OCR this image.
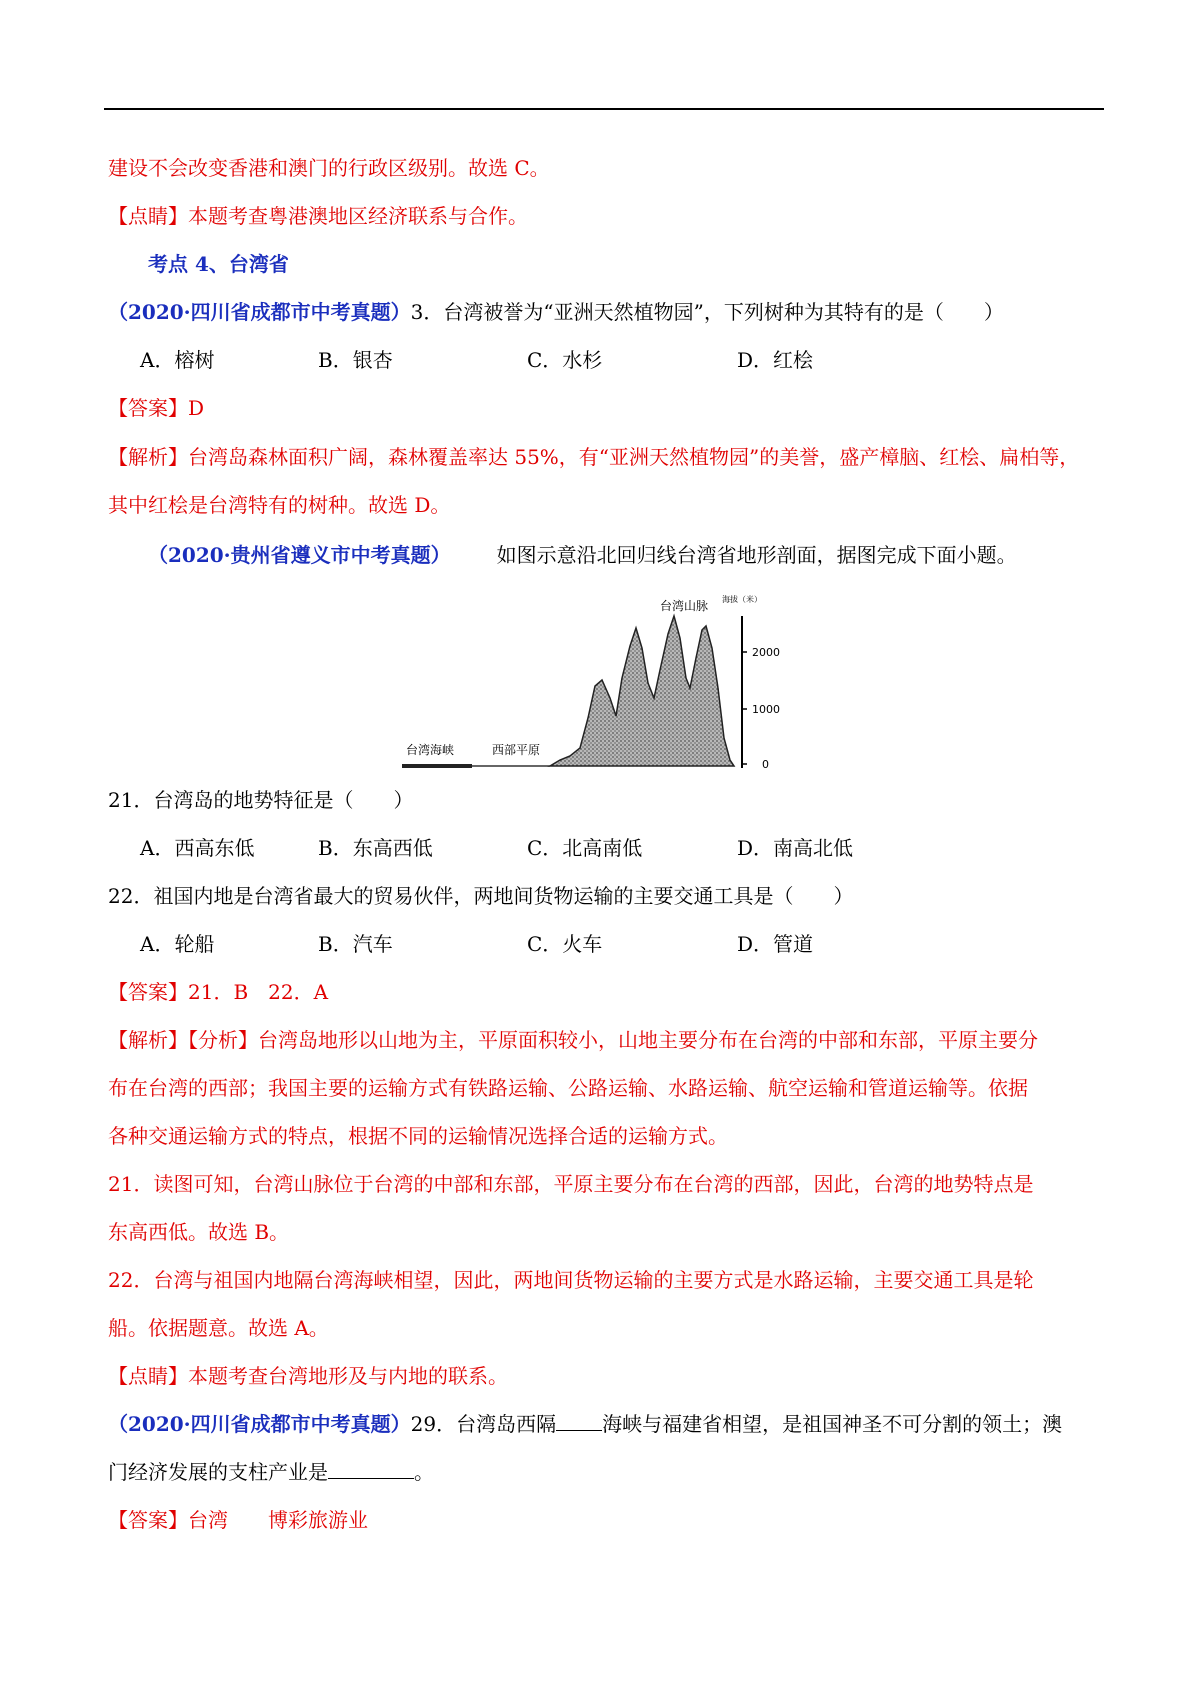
建设不会改变香港和澳门的行政区级别。故选 C。
【点睛】本题考查粤港澳地区经济联系与合作。
考点 4、台湾省
（2020·四川省成都市中考真题）3．台湾被誉为“亚洲天然植物园”，下列树种为其特有的是（　　）
A．榕树	B．银杏	C．水杉	D．红桧
【答案】D
【解析】台湾岛森林面积广阔，森林覆盖率达 55%，有“亚洲天然植物园”的美誉，盛产樟脑、红桧、扁柏等，
其中红桧是台湾特有的树种。故选 D。
（2020·贵州省遵义市中考真题） 如图示意沿北回归线台湾省地形剖面，据图完成下面小题。
2000
1000
0
台湾山脉 海拔（米）
台湾海峡	西部平原
21．台湾岛的地势特征是（　　）
A．西高东低	B．东高西低	C．北高南低	D．南高北低
22．祖国内地是台湾省最大的贸易伙伴，两地间货物运输的主要交通工具是（　　）
A．轮船	B．汽车	C．火车	D．管道
【答案】21．B　22．A
【解析】【分析】台湾岛地形以山地为主，平原面积较小，山地主要分布在台湾的中部和东部，平原主要分
布在台湾的西部；我国主要的运输方式有铁路运输、公路运输、水路运输、航空运输和管道运输等。依据
各种交通运输方式的特点，根据不同的运输情况选择合适的运输方式。
21．读图可知，台湾山脉位于台湾的中部和东部，平原主要分布在台湾的西部，因此，台湾的地势特点是
东高西低。故选 B。
22．台湾与祖国内地隔台湾海峡相望，因此，两地间货物运输的主要方式是水路运输，主要交通工具是轮
船。依据题意。故选 A。
【点睛】本题考查台湾地形及与内地的联系。
（2020·四川省成都市中考真题）29．台湾岛西隔 海峡与福建省相望，是祖国神圣不可分割的领土；澳
门经济发展的支柱产业是	。
【答案】台湾　　博彩旅游业
